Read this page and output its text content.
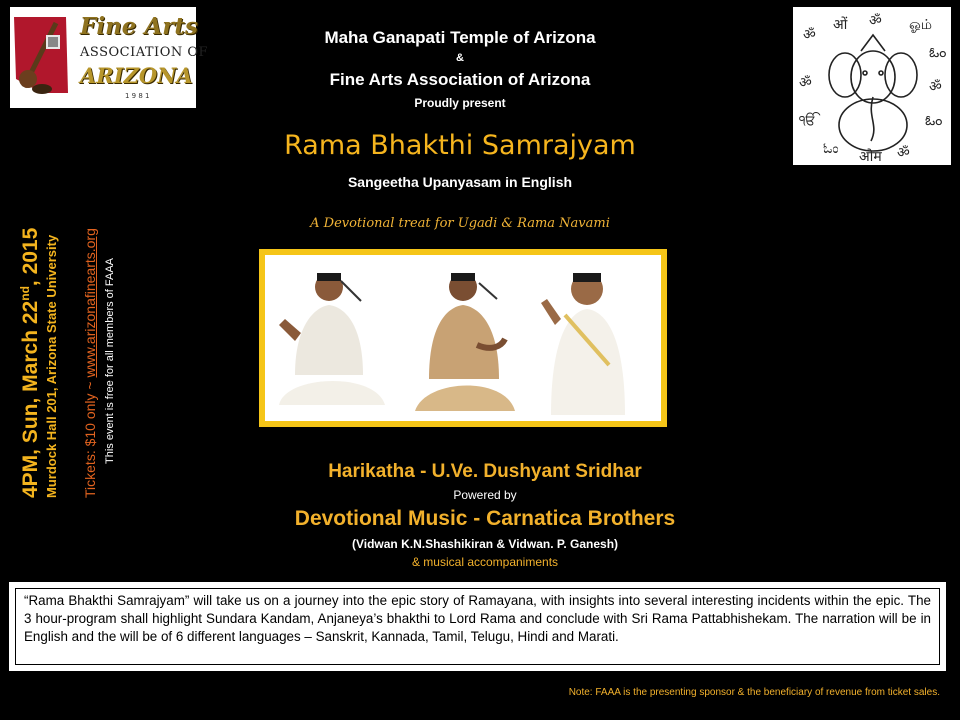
Fine Arts
ASSOCIATION OF
ARIZONA
1 9 8 1
ॐ
ओं ॐ ஓம்
ఓం
ॐ
ఓం
ॐ
ओम
ಓಂ
ੴ
ॐ
Maha Ganapati Temple of Arizona
&
Fine Arts Association of Arizona
Proudly present
Rama Bhakthi Samrajyam
Sangeetha Upanyasam in English
A Devotional treat for Ugadi & Rama Navami
4PM, Sun, March 22nd, 2015 Murdock Hall 201, Arizona State University Tickets: $10 only ~ www.arizonafinearts.org This event is free for all members of FAAA
Harikatha - U.Ve. Dushyant Sridhar
Powered by
Devotional Music - Carnatica Brothers
(Vidwan K.N.Shashikiran & Vidwan. P. Ganesh)
& musical accompaniments
“Rama Bhakthi Samrajyam” will take us on a journey into the epic story of Ramayana, with insights into several interesting incidents within the epic. The 3 hour-program shall highlight Sundara Kandam, Anjaneya’s bhakthi to Lord Rama and conclude with Sri Rama Pattabhishekam. The narration will be in English and the will be of 6 different languages – Sanskrit, Kannada, Tamil, Telugu, Hindi and Marati.
Note: FAAA is the presenting sponsor & the beneficiary of revenue from ticket sales.
